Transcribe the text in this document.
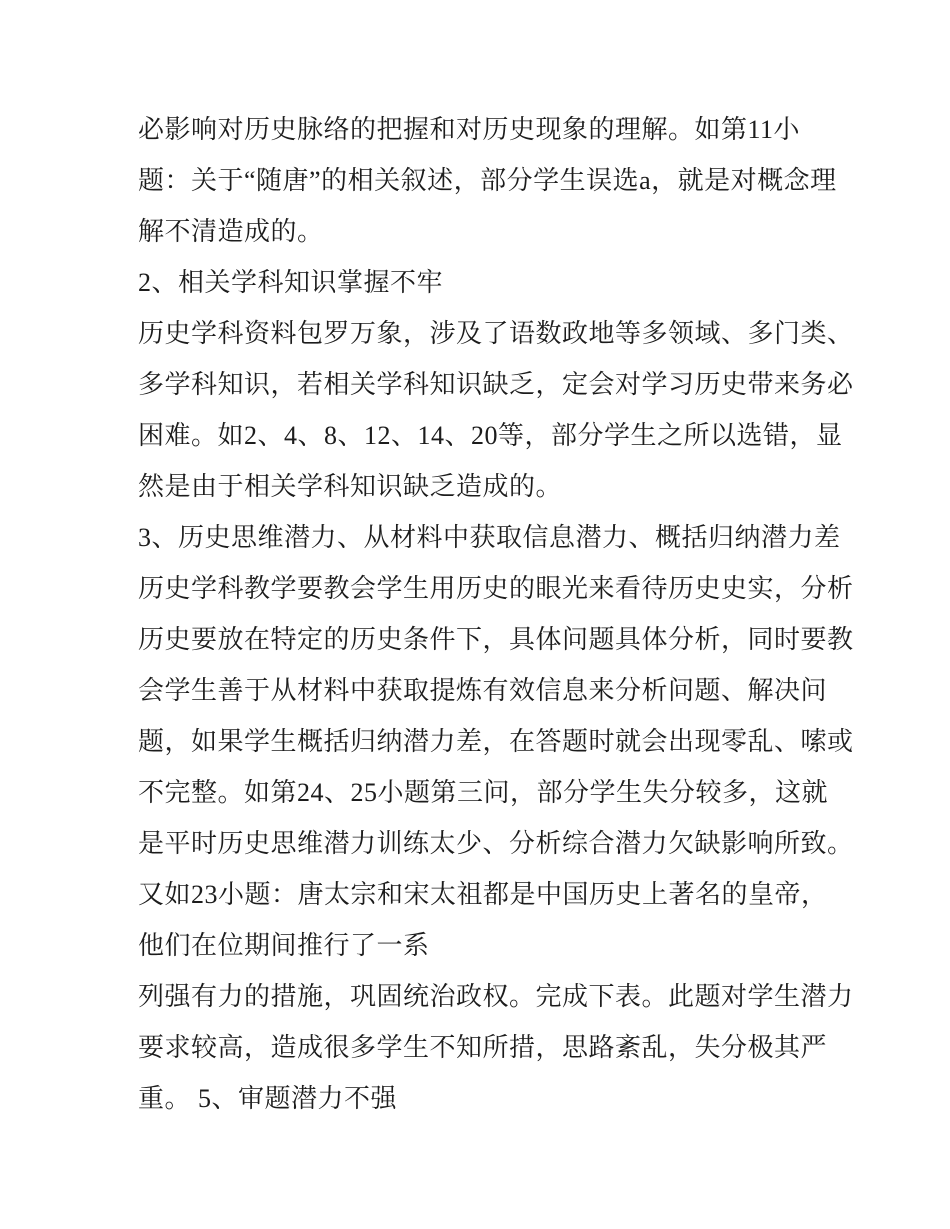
必影响对历史脉络的把握和对历史现象的理解。如第11小
题：关于“随唐”的相关叙述，部分学生误选a，就是对概念理
解不清造成的。
2、相关学科知识掌握不牢
历史学科资料包罗万象，涉及了语数政地等多领域、多门类、
多学科知识，若相关学科知识缺乏，定会对学习历史带来务必
困难。如2、4、8、12、14、20等，部分学生之所以选错，显
然是由于相关学科知识缺乏造成的。
3、历史思维潜力、从材料中获取信息潜力、概括归纳潜力差
历史学科教学要教会学生用历史的眼光来看待历史史实，分析
历史要放在特定的历史条件下，具体问题具体分析，同时要教
会学生善于从材料中获取提炼有效信息来分析问题、解决问
题，如果学生概括归纳潜力差，在答题时就会出现零乱、嗦或
不完整。如第24、25小题第三问，部分学生失分较多，这就
是平时历史思维潜力训练太少、分析综合潜力欠缺影响所致。
又如23小题：唐太宗和宋太祖都是中国历史上著名的皇帝，
他们在位期间推行了一系
列强有力的措施，巩固统治政权。完成下表。此题对学生潜力
要求较高，造成很多学生不知所措，思路紊乱，失分极其严
重。 5、审题潜力不强
